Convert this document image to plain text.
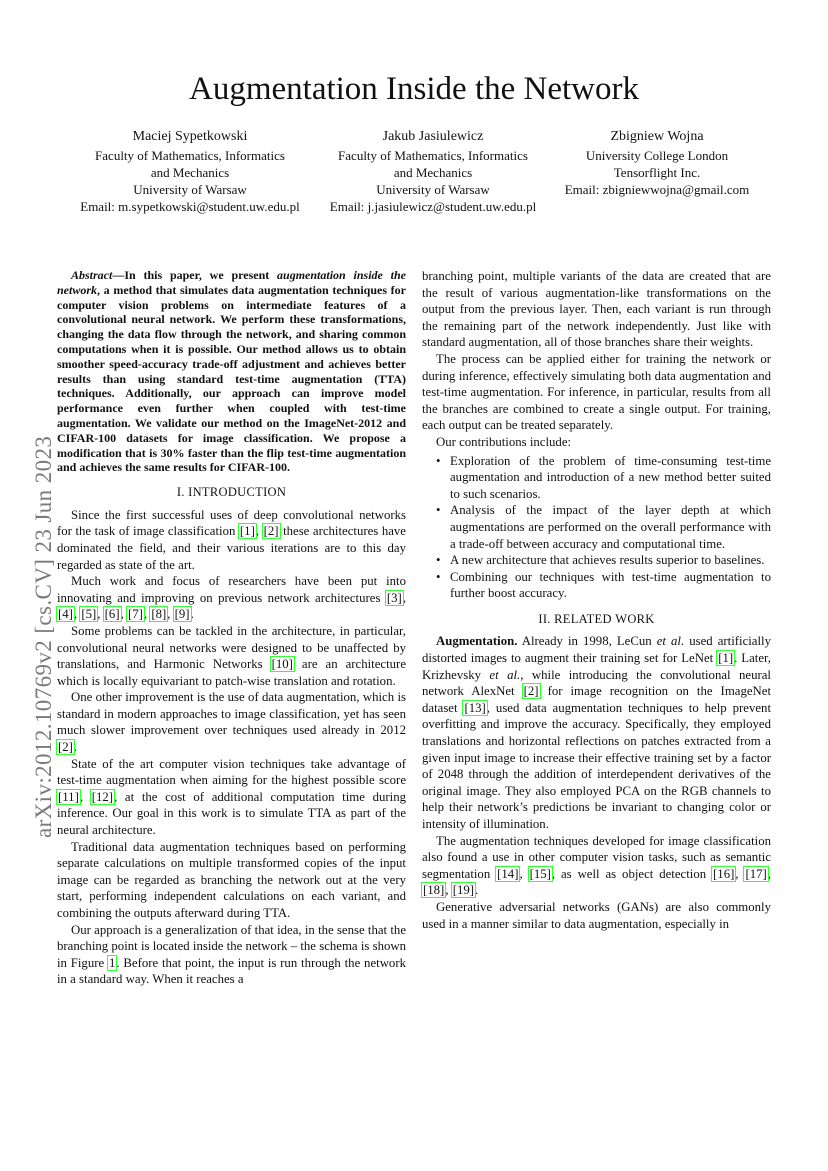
Augmentation Inside the Network
Maciej Sypetkowski
Faculty of Mathematics, Informatics
and Mechanics
University of Warsaw
Email: m.sypetkowski@student.uw.edu.pl
Jakub Jasiulewicz
Faculty of Mathematics, Informatics
and Mechanics
University of Warsaw
Email: j.jasiulewicz@student.uw.edu.pl
Zbigniew Wojna
University College London
Tensorflight Inc.
Email: zbigniewwojna@gmail.com
arXiv:2012.10769v2 [cs.CV] 23 Jun 2023

Abstract—In this paper, we present augmentation inside the network, a method that simulates data augmentation techniques for computer vision problems on intermediate features of a convolutional neural network. We perform these transformations, changing the data flow through the network, and sharing common computations when it is possible. Our method allows us to obtain smoother speed-accuracy trade-off adjustment and achieves better results than using standard test-time augmentation (TTA) techniques. Additionally, our approach can improve model performance even further when coupled with test-time augmentation. We validate our method on the ImageNet-2012 and CIFAR-100 datasets for image classification. We propose a modification that is 30% faster than the flip test-time augmentation and achieves the same results for CIFAR-100.

I. INTRODUCTION

Since the first successful uses of deep convolutional networks for the task of image classification [1], [2] these architectures have dominated the field, and their various iterations are to this day regarded as state of the art.

Much work and focus of researchers have been put into innovating and improving on previous network architectures [3], [4], [5], [6], [7], [8], [9].

Some problems can be tackled in the architecture, in particular, convolutional neural networks were designed to be unaffected by translations, and Harmonic Networks [10] are an architecture which is locally equivariant to patch-wise translation and rotation.

One other improvement is the use of data augmentation, which is standard in modern approaches to image classification, yet has seen much slower improvement over techniques used already in 2012 [2].

State of the art computer vision techniques take advantage of test-time augmentation when aiming for the highest possible score [11], [12], at the cost of additional computation time during inference. Our goal in this work is to simulate TTA as part of the neural architecture.

Traditional data augmentation techniques based on performing separate calculations on multiple transformed copies of the input image can be regarded as branching the network out at the very start, performing independent calculations on each variant, and combining the outputs afterward during TTA.

Our approach is a generalization of that idea, in the sense that the branching point is located inside the network – the schema is shown in Figure 1. Before that point, the input is run through the network in a standard way. When it reaches a

branching point, multiple variants of the data are created that are the result of various augmentation-like transformations on the output from the previous layer. Then, each variant is run through the remaining part of the network independently. Just like with standard augmentation, all of those branches share their weights.

The process can be applied either for training the network or during inference, effectively simulating both data augmentation and test-time augmentation. For inference, in particular, results from all the branches are combined to create a single output. For training, each output can be treated separately.

Our contributions include:

• Exploration of the problem of time-consuming test-time augmentation and introduction of a new method better suited to such scenarios.
• Analysis of the impact of the layer depth at which augmentations are performed on the overall performance with a trade-off between accuracy and computational time.
• A new architecture that achieves results superior to baselines.
• Combining our techniques with test-time augmentation to further boost accuracy.
II. RELATED WORK

Augmentation. Already in 1998, LeCun et al. used artificially distorted images to augment their training set for LeNet [1]. Later, Krizhevsky et al., while introducing the convolutional neural network AlexNet [2] for image recognition on the ImageNet dataset [13], used data augmentation techniques to help prevent overfitting and improve the accuracy. Specifically, they employed translations and horizontal reflections on patches extracted from a given input image to increase their effective training set by a factor of 2048 through the addition of interdependent derivatives of the original image. They also employed PCA on the RGB channels to help their network’s predictions be invariant to changing color or intensity of illumination.

The augmentation techniques developed for image classification also found a use in other computer vision tasks, such as semantic segmentation [14], [15], as well as object detection [16], [17], [18], [19].

Generative adversarial networks (GANs) are also commonly used in a manner similar to data augmentation, especially in
